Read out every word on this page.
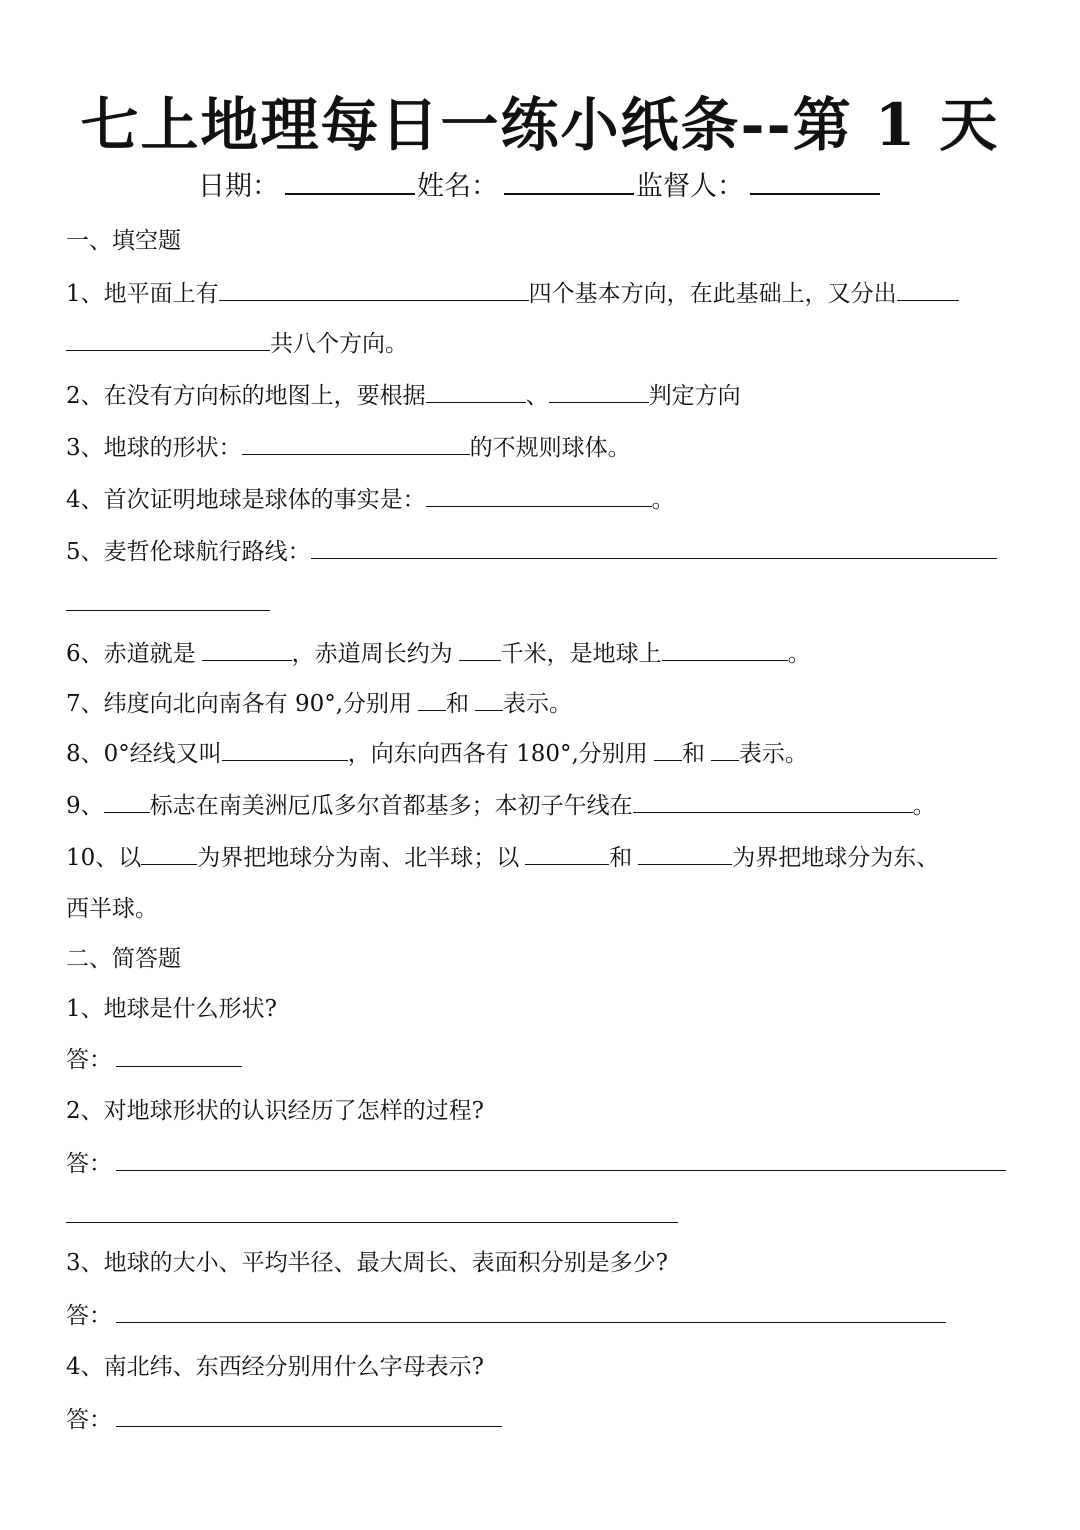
七上地理每日一练小纸条--第 1 天
日期：	姓名：	监督人：
一、填空题
1、地平面上有	四个基本方向，在此基础上，又分出
共八个方向。
2、在没有方向标的地图上，要根据	、	判定方向
3、地球的形状：	的不规则球体。
4、首次证明地球是球体的事实是：	。
5、麦哲伦球航行路线：
6、赤道就是	，赤道周长约为 千米，是地球上	。
7、纬度向北向南各有 90°,分别用 和 表示。
8、0°经线又叫	，向东向西各有 180°,分别用 和 表示。
9、 标志在南美洲厄瓜多尔首都基多；本初子午线在	。
10、以 为界把地球分为南、北半球；以	和	为界把地球分为东、
西半球。
二、简答题
1、地球是什么形状?
答：
2、对地球形状的认识经历了怎样的过程?
答：
3、地球的大小、平均半径、最大周长、表面积分别是多少?
答：
4、南北纬、东西经分别用什么字母表示?
答：
